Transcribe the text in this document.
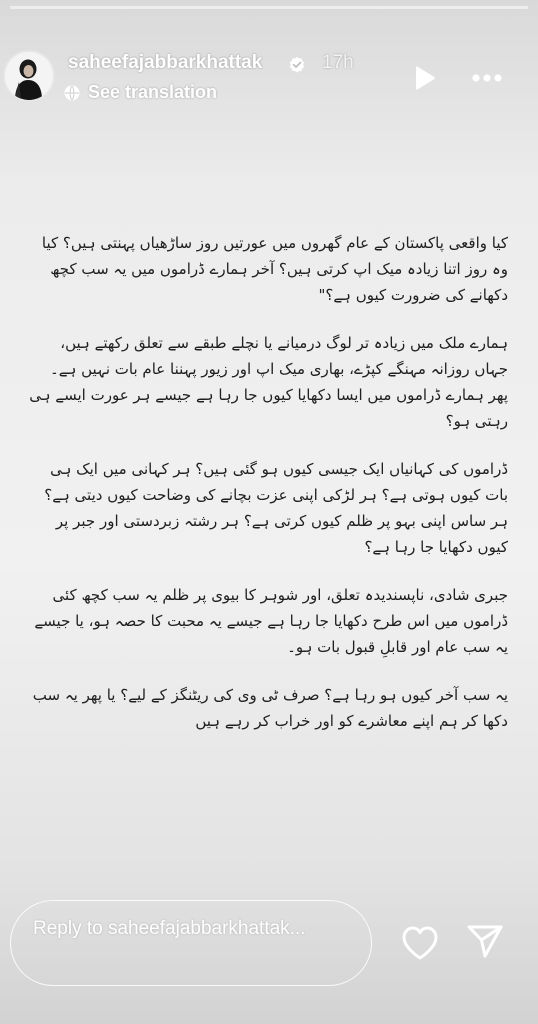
saheefajabbarkhattak	17h
See translation

کیا واقعی پاکستان کے عام گھروں میں عورتیں روز ساڑھیاں پہنتی ہیں؟ کیا وہ روز اتنا زیادہ میک اپ کرتی ہیں؟ آخر ہمارے ڈراموں میں یہ سب کچھ دکھانے کی ضرورت کیوں ہے؟"

ہمارے ملک میں زیادہ تر لوگ درمیانے یا نچلے طبقے سے تعلق رکھتے ہیں، جہاں روزانہ مہنگے کپڑے، بھاری میک اپ اور زیور پہننا عام بات نہیں ہے۔ پھر ہمارے ڈراموں میں ایسا دکھایا کیوں جا رہا ہے جیسے ہر عورت ایسے ہی رہتی ہو؟

ڈراموں کی کہانیاں ایک جیسی کیوں ہو گئی ہیں؟ ہر کہانی میں ایک ہی بات کیوں ہوتی ہے؟ ہر لڑکی اپنی عزت بچانے کی وضاحت کیوں دیتی ہے؟ ہر ساس اپنی بہو پر ظلم کیوں کرتی ہے؟ ہر رشتہ زبردستی اور جبر پر کیوں دکھایا جا رہا ہے؟

جبری شادی، ناپسندیدہ تعلق، اور شوہر کا بیوی پر ظلم یہ سب کچھ کئی ڈراموں میں اس طرح دکھایا جا رہا ہے جیسے یہ محبت کا حصہ ہو، یا جیسے یہ سب عام اور قابلِ قبول بات ہو۔

یہ سب آخر کیوں ہو رہا ہے؟ صرف ٹی وی کی ریٹنگز کے لیے؟ یا پھر یہ سب دکھا کر ہم اپنے معاشرے کو اور خراب کر رہے ہیں

Reply to saheefajabbarkhattak...
